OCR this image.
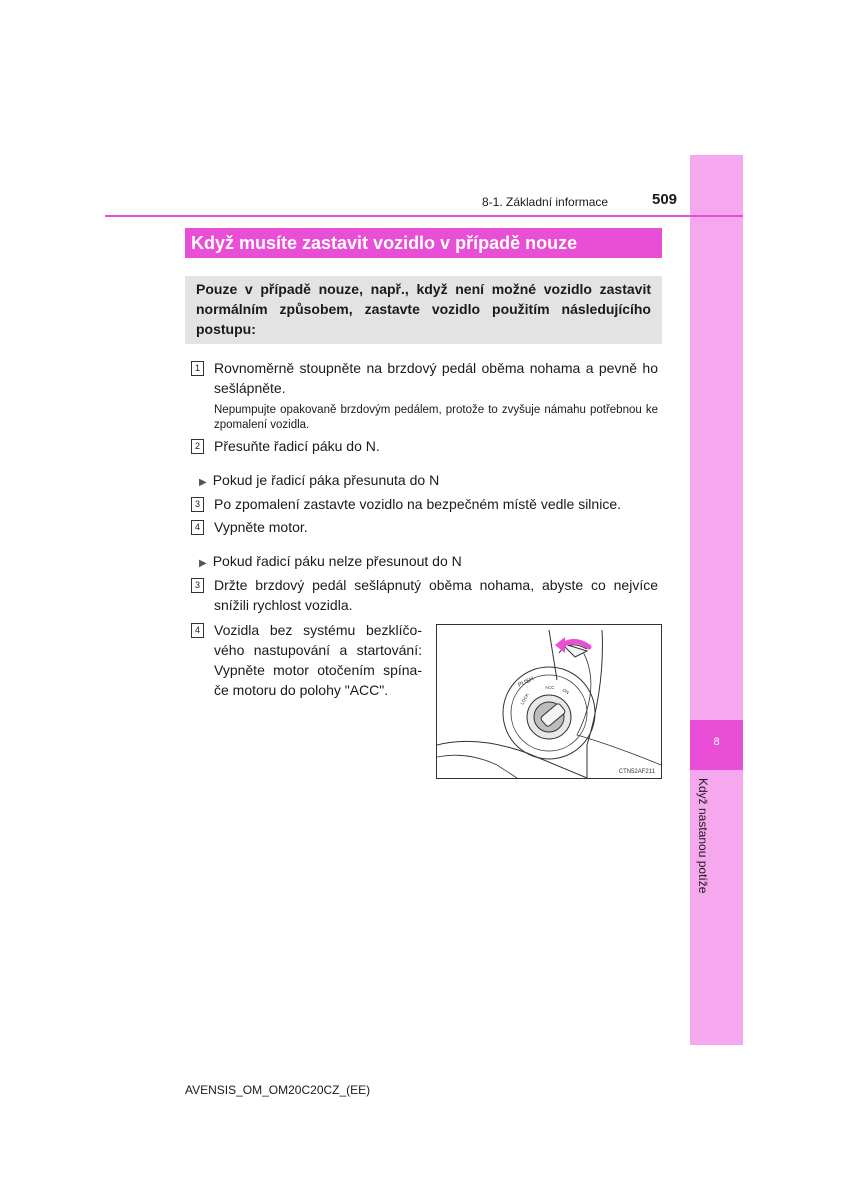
8
Když nastanou potíže
8-1. Základní informace	509
Když musíte zastavit vozidlo v případě nouze
Pouze v případě nouze, např., když není možné vozidlo zastavit normálním způsobem, zastavte vozidlo použitím následujícího postupu:
1 Rovnoměrně stoupněte na brzdový pedál oběma nohama a pevně ho sešlápněte.
Nepumpujte opakovaně brzdovým pedálem, protože to zvyšuje námahu potřebnou ke zpomalení vozidla.
2 Přesuňte řadicí páku do N.
▶ Pokud je řadicí páka přesunuta do N
3 Po zpomalení zastavte vozidlo na bezpečném místě vedle silnice.
4 Vypněte motor.
▶ Pokud řadicí páku nelze přesunout do N
3 Držte brzdový pedál sešlápnutý oběma nohama, abyste co nejvíce snížili rychlost vozidla.
4 Vozidla bez systému bezklíčo-vého nastupování a startování: Vypněte motor otočením spína-če motoru do polohy "ACC".	PUSH
LOCK
ACC
ON
CTN52AF211
AVENSIS_OM_OM20C20CZ_(EE)
